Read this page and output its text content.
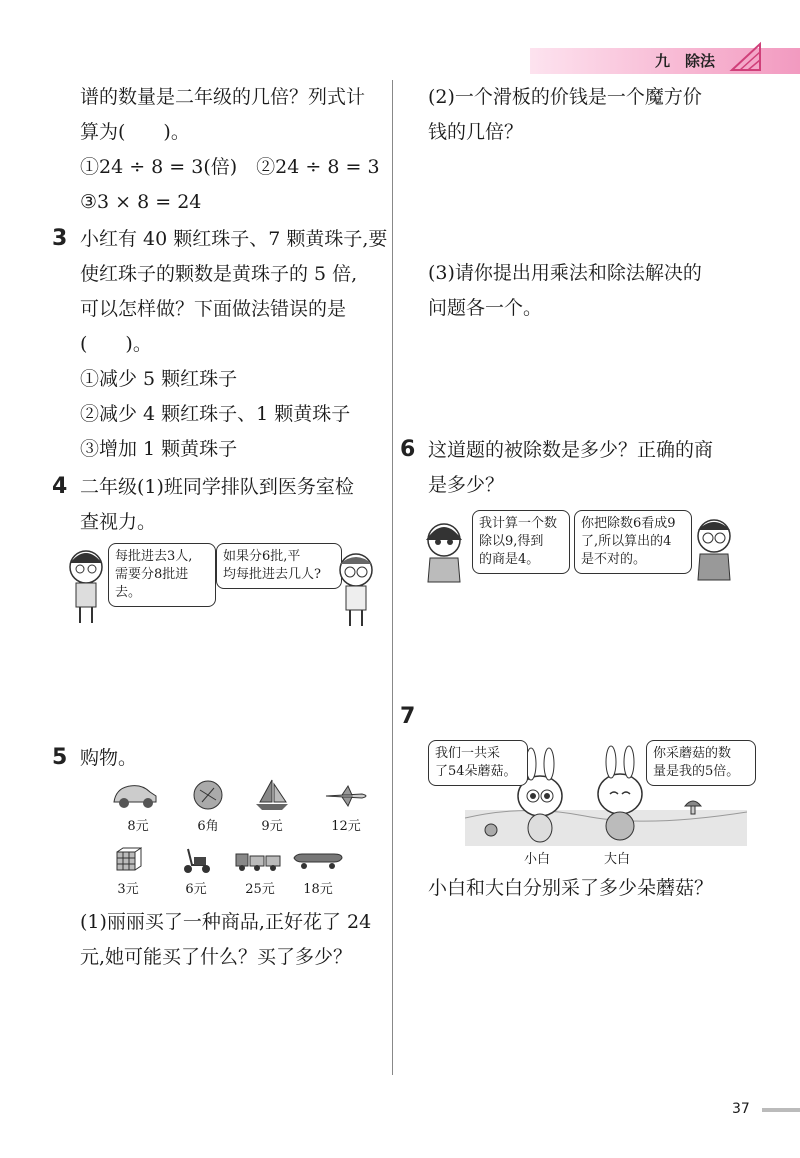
九　除法
谱的数量是二年级的几倍？列式计
算为(　　)。
①24 ÷ 8 = 3(倍)　②24 ÷ 8 = 3
③3 × 8 = 24
3 小红有 40 颗红珠子、7 颗黄珠子,要
使红珠子的颗数是黄珠子的 5 倍,
可以怎样做？下面做法错误的是
(　　)。
①减少 5 颗红珠子
②减少 4 颗红珠子、1 颗黄珠子
③增加 1 颗黄珠子
4 二年级(1)班同学排队到医务室检
查视力。
每批进去3人,
需要分8批进去。
如果分6批,平
均每批进去几人?
5 购物。
8元	6角	9元	12元
3元	6元	25元	18元
(1)丽丽买了一种商品,正好花了 24
元,她可能买了什么？买了多少？
(2)一个滑板的价钱是一个魔方价
钱的几倍？
(3)请你提出用乘法和除法解决的
问题各一个。
6 这道题的被除数是多少？正确的商
是多少？
我计算一个数
除以9,得到
的商是4。
你把除数6看成9
了,所以算出的4
是不对的。
7
我们一共采
了54朵蘑菇。
你采蘑菇的数
量是我的5倍。
小白	大白
小白和大白分别采了多少朵蘑菇？
37
